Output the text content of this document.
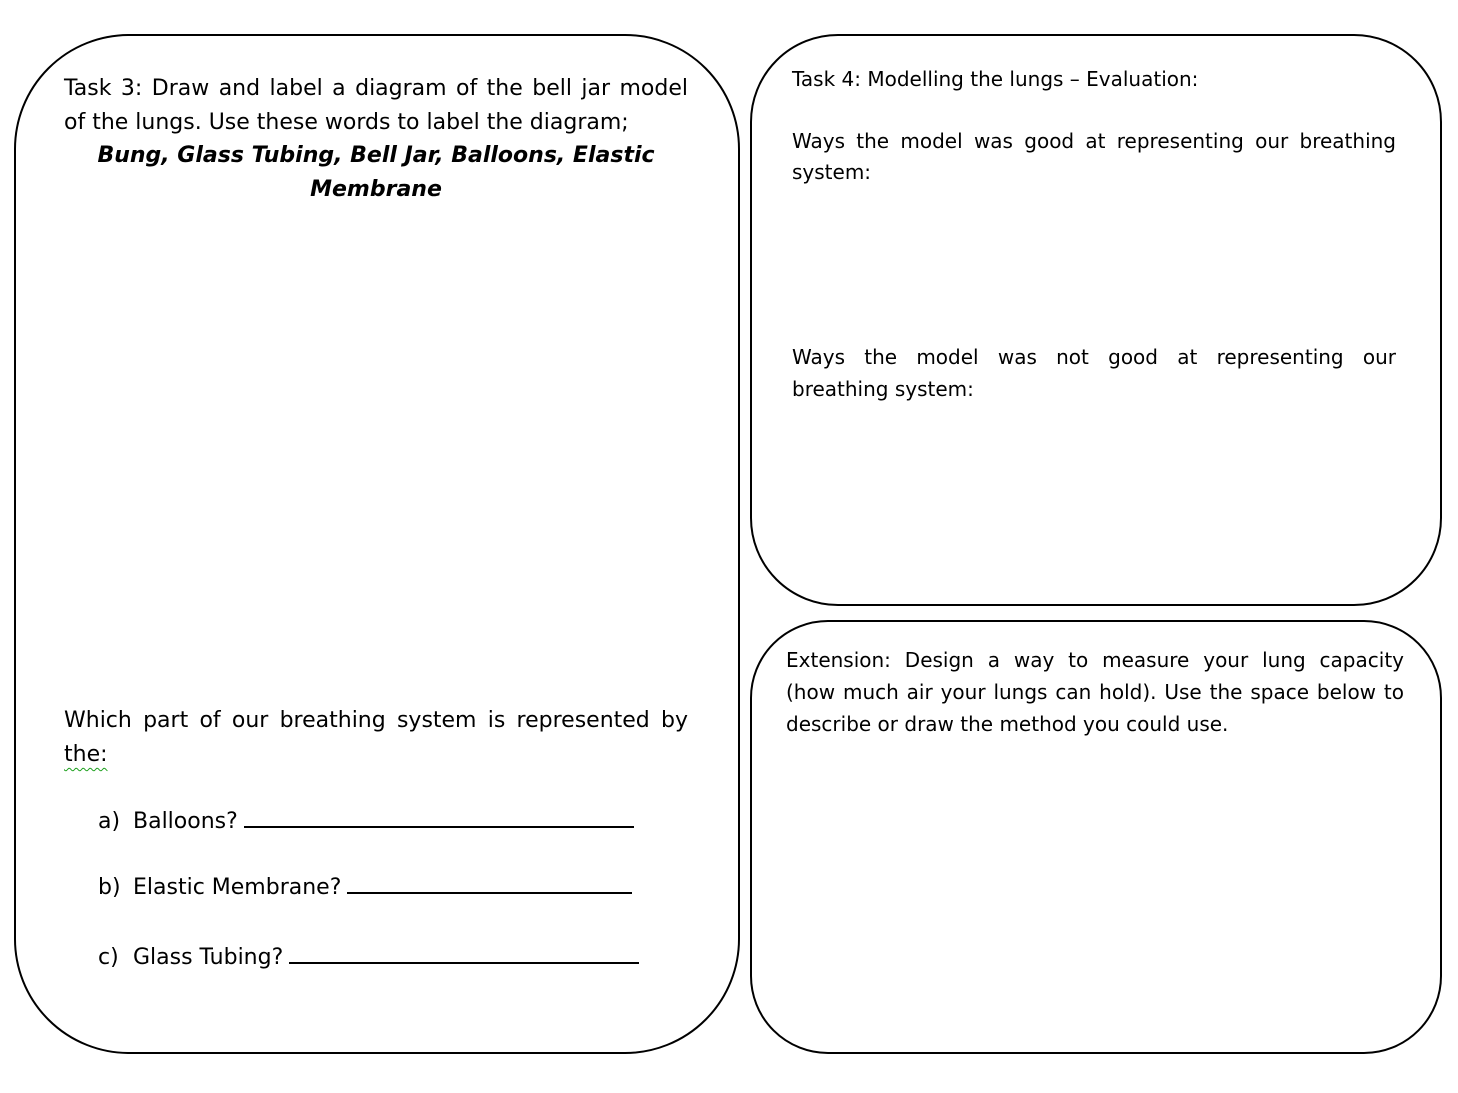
Task 3: Draw and label a diagram of the bell jar model
of the lungs. Use these words to label the diagram;
Bung, Glass Tubing, Bell Jar, Balloons, Elastic
Membrane
Which part of our breathing system is represented by
the:
a) Balloons?
b) Elastic Membrane?
c) Glass Tubing?
Task 4: Modelling the lungs – Evaluation:
Ways the model was good at representing our breathing
system:
Ways the model was not good at representing our
breathing system:
Extension: Design a way to measure your lung capacity
(how much air your lungs can hold). Use the space below to
describe or draw the method you could use.
